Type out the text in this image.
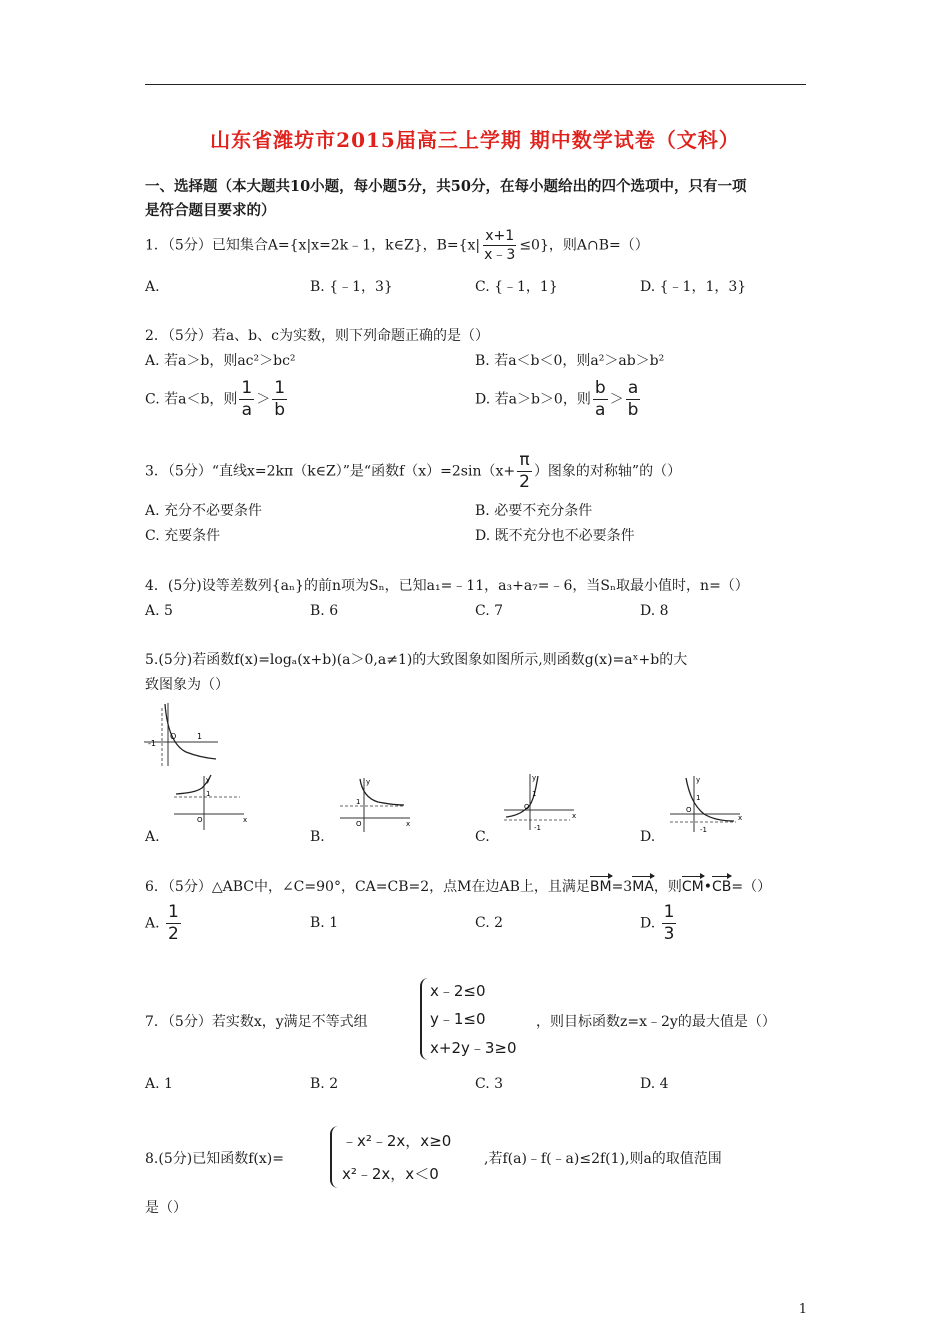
山东省潍坊市2015届高三上学期 期中数学试卷（文科）
一、选择题（本大题共10小题，每小题5分，共50分，在每小题给出的四个选项中，只有一项
是符合题目要求的）
1．（5分）已知集合A={x|x=2k﹣1，k∈Z}，$B=\{x| \frac{x+1}{x﹣3} \le 0\}$，则A∩B=（）
A.	B. {﹣1，3}	C. {﹣1，1}	D. {﹣1，1，3}
2．（5分）若a、b、c为实数，则下列命题正确的是（）
A. 若a＞b，则ac²＞bc²	B. 若a＜b＜0，则a²＞ab＞b²
C. 若a＜b，则 $\frac{1}{a} > \frac{1}{b}$	D. 若a＞b＞0，则 $\frac{b}{a} > \frac{a}{b}$
3．（5分）“直线x=2kπ（k∈Z）”是“函数$f(x)=2\sin(x+ \frac{\pi}{2}$ ）图象的对称轴”的（）
A. 充分不必要条件	B. 必要不充分条件
C. 充要条件	D. 既不充分也不必要条件
4．(5分)设等差数列{aₙ}的前n项为Sₙ，已知a₁=﹣11，a₃+a₇=﹣6，当Sₙ取最小值时，n=（）
A. 5	B. 6	C. 7	D. 8
5.(5分)若函数f(x)=logₐ(x+b)(a＞0,a≠1)的大致图象如图所示,则函数g(x)=aˣ+b的大
致图象为（）
-1
O	1
y
1
O	x
A.
y
1
O	x
B.
y
1
O
-1
x
C.
y
1
O
-1
x
D.
6．（5分）△ABC中，∠C=90°，CA=CB=2，点M在边AB上，且满足BM=3MA，则CM•CB=（）
A. $\frac{1}{2}$	B. 1	C. 2	D. $\frac{1}{3}$
7．（5分）若实数x，y满足不等式组
x﹣2≤0
y﹣1≤0
x+2y﹣3≥0
，则目标函数z=x﹣2y的最大值是（）
A. 1	B. 2	C. 3	D. 4
8.(5分)已知函数f(x)=
﹣x²﹣2x，x≥0
x²﹣2x，x＜0
,若f(a)﹣f(﹣a)≤2f(1),则a的取值范围
是（）
1
